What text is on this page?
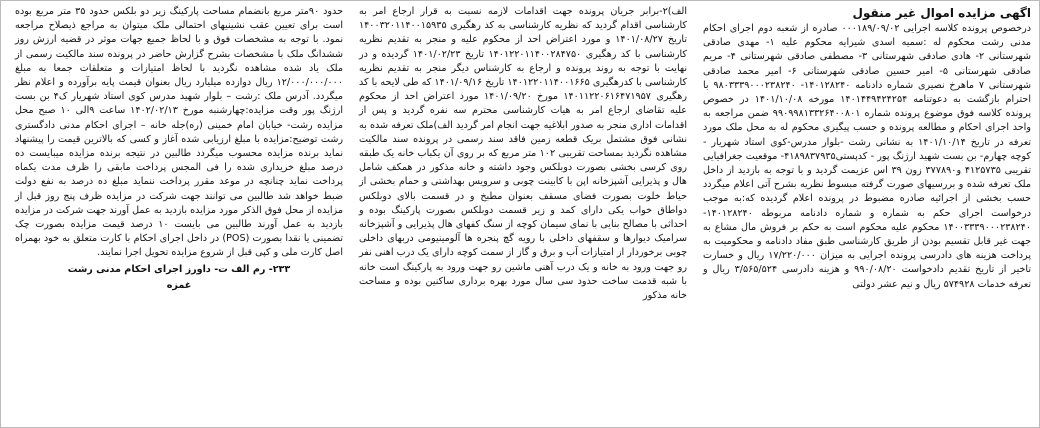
اگهی مزایده اموال غیر منقول

درخصوص پرونده کلاسه اجرایی ۰۰۰۱۸۹/۰۹/۰۲ صادره از شعبه دوم اجرای احکام مدنی رشت محکوم له :سمیه اسدی شیرایه محکوم علیه ۱- مهدی صادقی شهرستانی ۲- هادی صادقی شهرستانی ۳- مصطفی صادقی شهرستانی ۴- مریم صادقی شهرستانی ۵- امیر حسین صادقی شهرستانی ۶- امیر محمد صادقی شهرستانی ۷ ماهرخ نصیری شماره دادنامه ۱۴۰۱۲۸۲۴۰- ۹۸۰۳۳۳۹۰۰۰۲۳۸۲۴۰ با احترام بازگشت به دعوتنامه ۱۴۰۱۴۴۹۴۲۴۲۵۴ مورخه ۱۴۰۱/۱۰/۰۸ در خصوص پرونده کلاسه فوق موضوع پرونده شماره ۹۹۰۹۹۸۱۳۳۲۶۴۰۰۸۰۱ ضمن مراجعه به واحد اجرای احکام و مطالعه پرونده و حسب پیگیری محکوم له به محل ملک مورد تعرفه در تاریخ ۱۴۰۱/۱۰/۱۴ به نشانی رشت -بلوار مدرس-کوی استاد شهریار - کوچه چهارم- بن بست شهید ارژنگ پور - کدپستی۴۱۸۹۸۳۷۹۳۵- موقعیت جغرافیایی تقریبی ۴۱۲۵۷۳۵ و۳۷۷۸۹۰ زون ۳۹ اس عزیمت گردید و با توجه به بازدید از داخل ملک تعرفه شده و بررسیهای صورت گرفته مبسوط نظریه بشرح آتی اعلام میگردد حسب بخشی از اجرائیه صادره مضبوط در پرونده اعلام گردیده که:به موجب درخواست اجرای حکم به شماره و شماره دادنامه مربوطه ۱۴۰۱۲۸۲۴۰- ۱۴۰۰۳۳۳۹۰۰۰۲۳۸۲۴۰ محکوم علیه محکوم است به حکم بر فروش مال مشاع به جهت غیر قابل تقسیم بودن از طریق کارشناسی طبق مفاد دادنامه و محکومیت به پرداخت هزینه های دادرسی پرونده اجرایی به میزان ۱۷/۲۲۰/۰۰۰ ریال و خسارت تاخیر از تاریخ تقدیم دادخواست ۹۹۰/۰۸/۲۰ و هزینه دادرسی ۳/۵۶۵/۵۲۴ ریال و تعرفه خدمات ۵۷۴۹۲۸ ریال و نیم عشر دولتی

الف)۲-برابر جریان پرونده جهت اقدامات لازمه نسبت به قرار ارجاع امر به کارشناسی اقدام گردید که نظریه کارشناسی به کد رهگیری ۱۴۰۰۳۲۰۱۱۴۰۰۱۵۹۳۵ تاریخ ۱۴۰۱/۰۸/۲۷ و مورد اعتراض احد از محکوم علیه و منجر به تقدیم نظریه کارشناسی با کد رهگیری ۱۴۰۱۲۲۰۱۱۴۰۰۲۸۴۷۵۰ تاریخ ۱۴۰۱/۰۲/۲۳ گردیده و در نهایت با توجه به روند پرونده و ارجاع به کارشناس دیگر منجر به تقدیم نظریه کارشناسی با کدرهگیری ۱۴۰۱۲۲۰۱۱۴۰۰۱۶۶۵ تاریخ ۱۴۰۱/۰۹/۱۶ که طی لایحه با کد رهگیری ۱۴۰۱۱۲۲۰۶۱۶۴۷۱۹۵۷ مورخ ۱۴۰۱/۰۹/۲۰ مورد اعتراض احد از محکوم علیه تقاضای ارجاع امر به هیات کارشناسی محترم سه نفره گردید و پس از اقدامات اداری منجر به صدور ابلاغیه جهت انجام امر گردید الف)ملک تعرفه شده به نشانی فوق مشتمل بریک قطعه زمین فاقد سند رسمی در پرونده سند مالکیت مشاهده نگردید بمساحت تقریبی ۱۰۲ متر مربع که بر روی آن یکباب خانه یک طبقه روی کرسی بخشی بصورت دوبلکس وجود داشته و خانه مذکور در همکف شامل هال و پذیرایی آشپزخانه اپن با کابینت چوبی و سرویس بهداشتی و حمام بخشی از حیاط خلوت بصورت فضای مسقف بعنوان مطبخ و در قسمت بالای دوبلکس دواطاق خواب یکی دارای کمد و زیر قسمت دوبلکس بصورت پارکینگ بوده و احداثی با مصالح بنایی با نمای سیمان کوچه از سنگ کفهای هال پذیرایی و آشپزخانه سرامیک دیوارها و سقفهای داخلی با رویه گچ پنجره ها آلومینیومی دربهای داخلی چوبی برخوردار از امتیازات آب و برق و گاز از سمت کوچه دارای یک درب اهنی نفر رو جهت ورود به خانه و یک درب آهنی ماشین رو جهت ورود به پارکینگ است خانه با شبه قدمت ساخت حدود سی سال مورد بهره برداری ساکنین بوده و مساحت خانه مذکور

حدود ۹۰متر مربع بانضمام مساحت پارکینگ زیر دو بلکس حدود ۳۵ متر مربع بوده است برای تعیین عقب نشینیهای احتمالی ملک میتوان به مراجع ذیصلاح مراجعه نمود. با توجه به مشخصات فوق و با لحاظ جمیع جهات موثر در قضیه ارزش روز ششدانگ ملک با مشخصات بشرح گزارش حاضر در پرونده سند مالکیت رسمی از ملک یاد شده مشاهده نگردید با لحاظ امتیازات و متعلقات جمعا به مبلغ ۱۲/۰۰۰/۰۰۰/۰۰۰ ریال دوازده میلیارد ریال بعنوان قیمت پایه برآورده و اعلام نظر میگردد. آدرس ملک :رشت – بلوار شهید مدرس کوی استاد شهریار ک۴ بن بست ارژنگ پور وقت مزایده:چهارشنبه مورخ ۱۴۰۲/۰۲/۱۳ ساعت ۹الی ۱۰ صبح محل مزایده رشت- خیابان امام خمینی (ره)جله خانه – اجرای احکام مدنی دادگستری رشت توضیح:مزایده با مبلغ ارزیابی شده آغاز و کسی که بالاترین قیمت را پیشنهاد نماید برنده مزایده محسوب میگردد طالبین در نتیجه برنده مزایده میبایست ده درصد مبلغ خریداری شده را فی المجس پرداخت مابقی را ظرف مدت یکماه پرداخت نماید چنانچه در موعد مقرر پرداخت ننماید مبلغ ده درصد به نفع دولت ضبط خواهد شد طالبین می توانند جهت شرکت در مزایده ظرف پنج روز قبل از مزایده از محل فوق الذکر مورد مزایده بازدید به عمل آورند جهت شرکت در مزایده بازدید به عمل آورند طالبین می بایست ۱۰ درصد قیمت مزایده بصورت چک تضمینی یا نقدا بصورت (POS) در داخل اجرای احکام با کارت متعلق به خود بهمراه اصل کارت ملی و کپی قبل از شروع مزایده تحویل اجرا نمایند.

۲۳۳- رم الف ت- داورز اجرای احکام مدنی رشت
غمزه
